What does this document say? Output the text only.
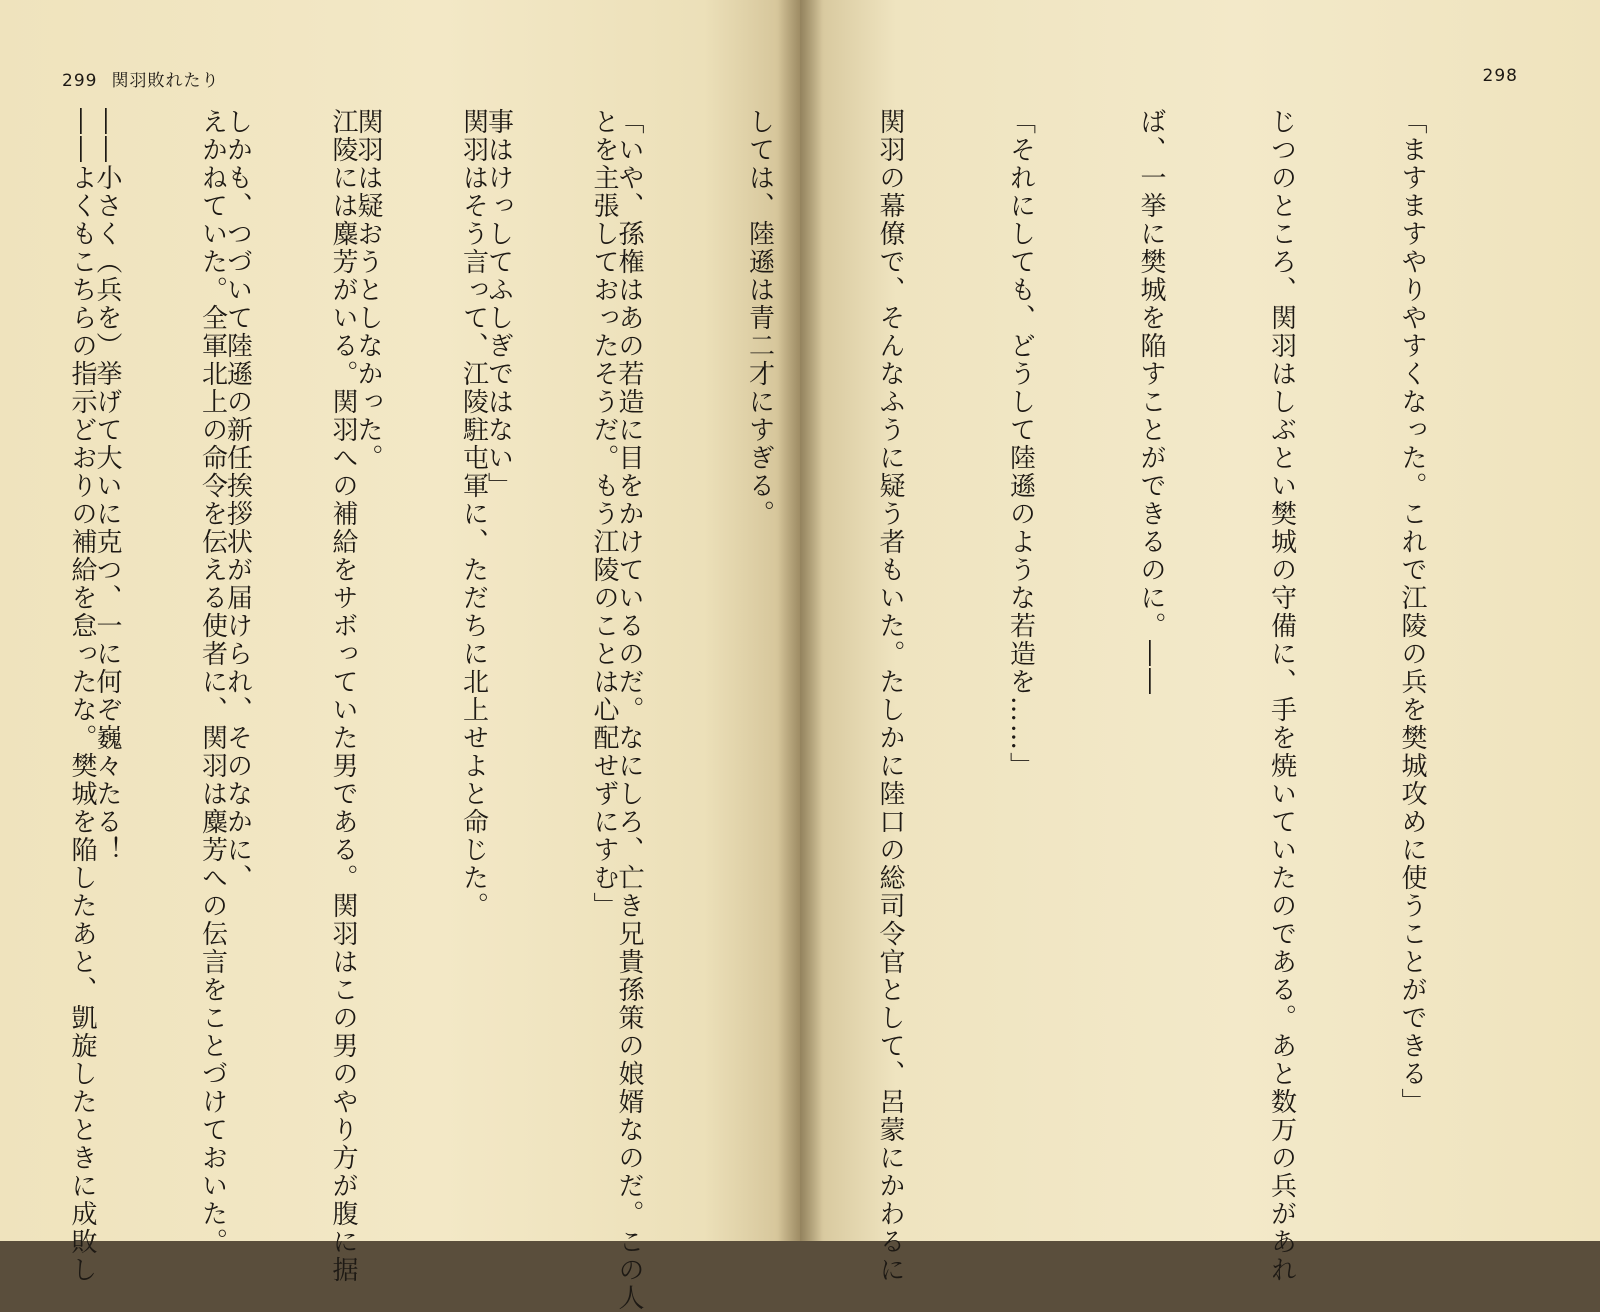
299 関羽敗れたり

とを主張しておったそうだ。もう江陵のことは心配せずにすむ」

関羽はそう言って、江陵駐屯軍に、ただちに北上せよと命じた。

江陵には麋芳がいる。関羽への補給をサボっていた男である。関羽はこの男のやり方が腹に据

えかねていた。全軍北上の命令を伝える使者に、関羽は麋芳への伝言をことづけておいた。

――よくもこちらの指示どおりの補給を怠ったな。樊城を陥したあと、凱旋したときに成敗し

298

「ますますやりやすくなった。これで江陵の兵を樊城攻めに使うことができる」

じつのところ、関羽はしぶとい樊城の守備に、手を焼いていたのである。あと数万の兵があれ

ば、一挙に樊城を陥すことができるのに。――

「それにしても、どうして陸遜のような若造を……」

関羽の幕僚で、そんなふうに疑う者もいた。たしかに陸口の総司令官として、呂蒙にかわるに

しては、陸遜は青二才にすぎる。

「いや、孫権はあの若造に目をかけているのだ。なにしろ、亡き兄貴孫策の娘婿なのだ。この人

事はけっしてふしぎではない」

関羽は疑おうとしなかった。

しかも、つづいて陸遜の新任挨拶状が届けられ、そのなかに、

――小さく（兵を）挙げて大いに克つ、一に何ぞ巍々たる！
